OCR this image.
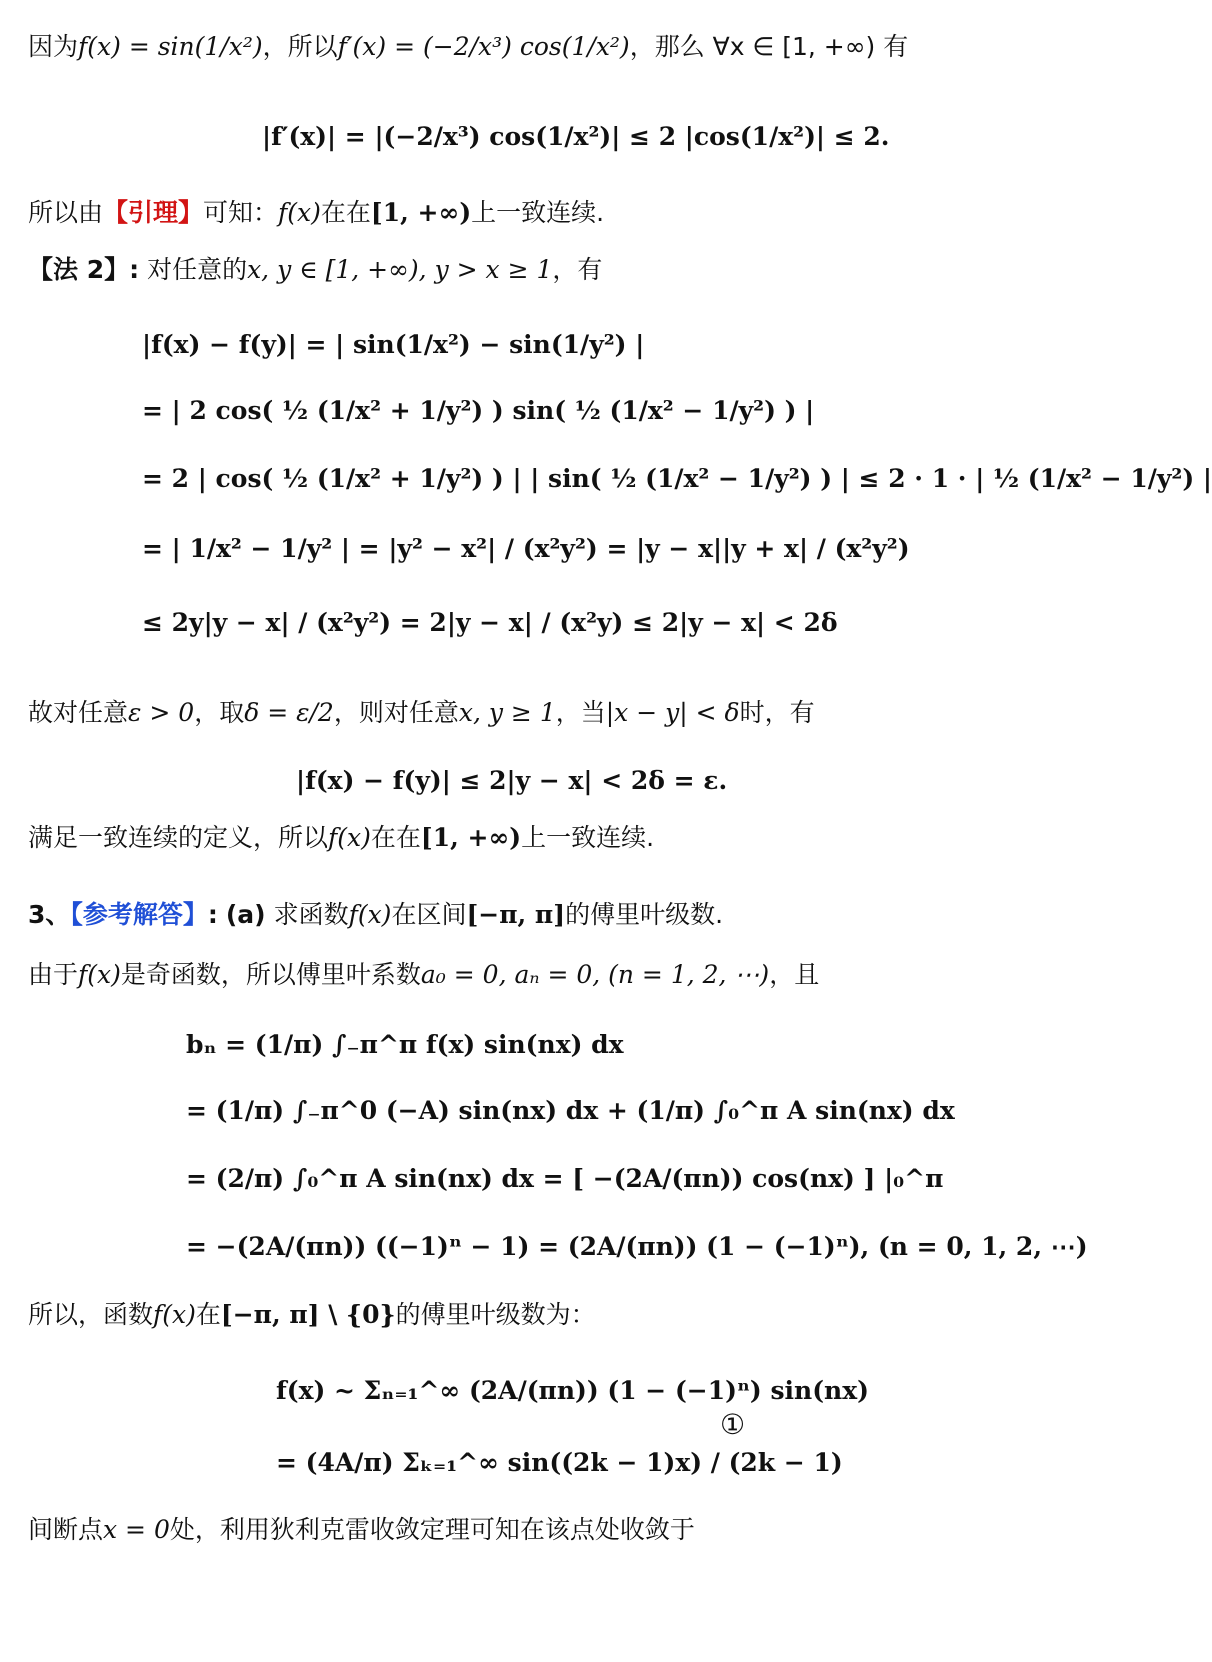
因为f(x) = sin(1/x²)，所以f′(x) = (−2/x³) cos(1/x²)，那么 ∀x ∈ [1, +∞) 有
|f′(x)| = |(−2/x³) cos(1/x²)| ≤ 2 |cos(1/x²)| ≤ 2.
所以由【引理】可知：f(x)在在[1, +∞)上一致连续.
【法 2】: 对任意的x, y ∈ [1, +∞), y > x ≥ 1，有
|f(x) − f(y)| = | sin(1/x²) − sin(1/y²) |
= | 2 cos( ½ (1/x² + 1/y²) ) sin( ½ (1/x² − 1/y²) ) |
= 2 | cos( ½ (1/x² + 1/y²) ) | | sin( ½ (1/x² − 1/y²) ) | ≤ 2 · 1 · | ½ (1/x² − 1/y²) |
= | 1/x² − 1/y² | = |y² − x²| / (x²y²) = |y − x||y + x| / (x²y²)
≤ 2y|y − x| / (x²y²) = 2|y − x| / (x²y) ≤ 2|y − x| < 2δ
故对任意ε > 0，取δ = ε/2，则对任意x, y ≥ 1，当|x − y| < δ时，有
|f(x) − f(y)| ≤ 2|y − x| < 2δ = ε.
满足一致连续的定义，所以f(x)在在[1, +∞)上一致连续.
3、【参考解答】: (a) 求函数f(x)在区间[−π, π]的傅里叶级数.
由于f(x)是奇函数，所以傅里叶系数a₀ = 0, aₙ = 0, (n = 1, 2, ⋯)，且
bₙ = (1/π) ∫₋π^π f(x) sin(nx) dx
= (1/π) ∫₋π^0 (−A) sin(nx) dx + (1/π) ∫₀^π A sin(nx) dx
= (2/π) ∫₀^π A sin(nx) dx = [ −(2A/(πn)) cos(nx) ] |₀^π
= −(2A/(πn)) ((−1)ⁿ − 1) = (2A/(πn)) (1 − (−1)ⁿ), (n = 0, 1, 2, ⋯)
所以，函数f(x)在[−π, π] \ {0}的傅里叶级数为：
f(x) ~ Σₙ₌₁^∞ (2A/(πn)) (1 − (−1)ⁿ) sin(nx)
= (4A/π) Σₖ₌₁^∞ sin((2k − 1)x) / (2k − 1)
①
间断点x = 0处，利用狄利克雷收敛定理可知在该点处收敛于
